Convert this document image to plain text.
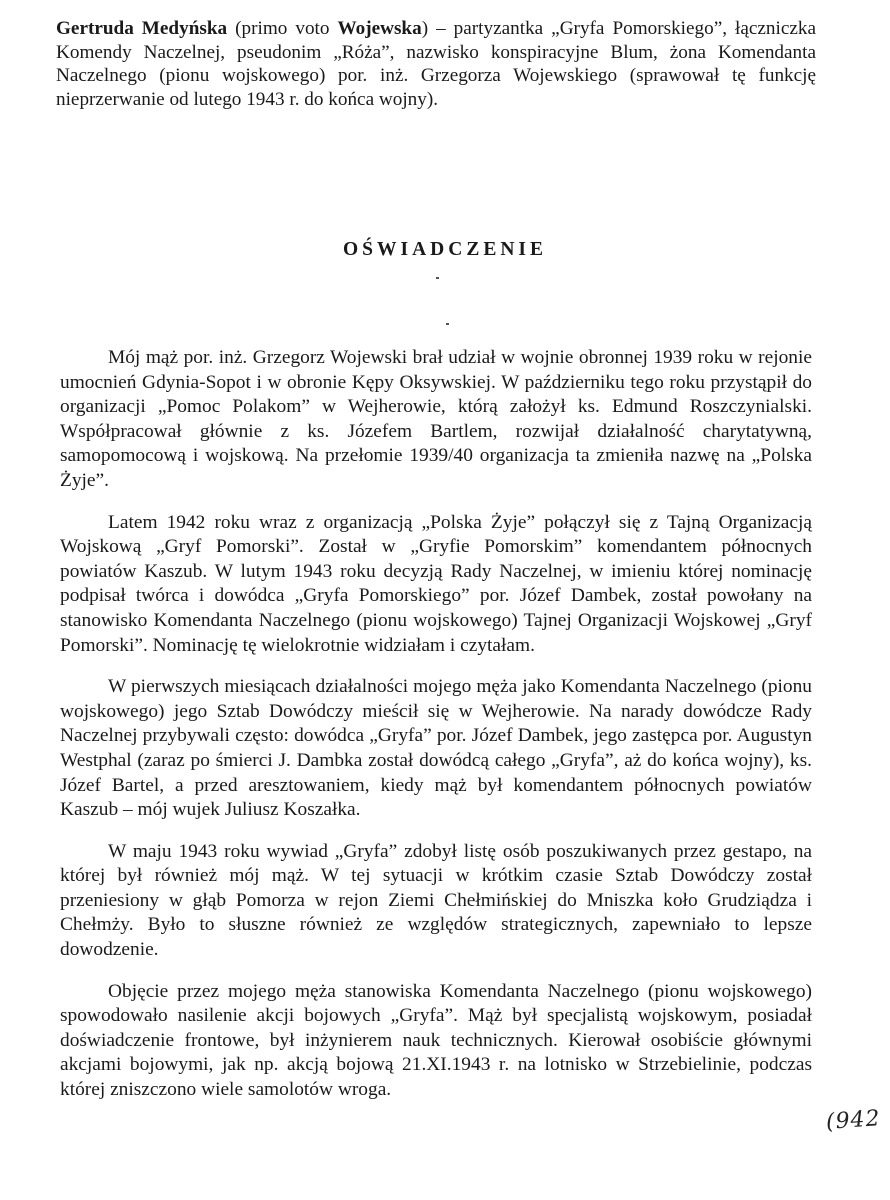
Gertruda Medyńska (primo voto Wojewska) – partyzantka „Gryfa Pomorskiego”, łączniczka Komendy Naczelnej, pseudonim „Róża”, nazwisko konspiracyjne Blum, żona Komendanta Naczelnego (pionu wojskowego) por. inż. Grzegorza Wojewskiego (sprawował tę funkcję nieprzerwanie od lutego 1943 r. do końca wojny).
OŚWIADCZENIE

Mój mąż por. inż. Grzegorz Wojewski brał udział w wojnie obronnej 1939 roku w rejonie umocnień Gdynia-Sopot i w obronie Kępy Oksywskiej. W październiku tego roku przystąpił do organizacji „Pomoc Polakom” w Wejherowie, którą założył ks. Edmund Roszczynialski. Współpracował głównie z ks. Józefem Bartlem, rozwijał działalność charytatywną, samopomocową i wojskową. Na przełomie 1939/40 organizacja ta zmieniła nazwę na „Polska Żyje”.

Latem 1942 roku wraz z organizacją „Polska Żyje” połączył się z Tajną Organizacją Wojskową „Gryf Pomorski”. Został w „Gryfie Pomorskim” komendantem północnych powiatów Kaszub. W lutym 1943 roku decyzją Rady Naczelnej, w imieniu której nominację podpisał twórca i dowódca „Gryfa Pomorskiego” por. Józef Dambek, został powołany na stanowisko Komendanta Naczelnego (pionu wojskowego) Tajnej Organizacji Wojskowej „Gryf Pomorski”. Nominację tę wielokrotnie widziałam i czytałam.

W pierwszych miesiącach działalności mojego męża jako Komendanta Naczelnego (pionu wojskowego) jego Sztab Dowódczy mieścił się w Wejherowie. Na narady dowódcze Rady Naczelnej przybywali często: dowódca „Gryfa” por. Józef Dambek, jego zastępca por. Augustyn Westphal (zaraz po śmierci J. Dambka został dowódcą całego „Gryfa”, aż do końca wojny), ks. Józef Bartel, a przed aresztowaniem, kiedy mąż był komendantem północnych powiatów Kaszub – mój wujek Juliusz Koszałka.

W maju 1943 roku wywiad „Gryfa” zdobył listę osób poszukiwanych przez gestapo, na której był również mój mąż. W tej sytuacji w krótkim czasie Sztab Dowódczy został przeniesiony w głąb Pomorza w rejon Ziemi Chełmińskiej do Mniszka koło Grudziądza i Chełmży. Było to słuszne również ze względów strategicznych, zapewniało to lepsze dowodzenie.

Objęcie przez mojego męża stanowiska Komendanta Naczelnego (pionu wojskowego) spowodowało nasilenie akcji bojowych „Gryfa”. Mąż był specjalistą wojskowym, posiadał doświadczenie frontowe, był inżynierem nauk technicznych. Kierował osobiście głównymi akcjami bojowymi, jak np. akcją bojową 21.XI.1943 r. na lotnisko w Strzebielinie, podczas której zniszczono wiele samolotów wroga.

(942
